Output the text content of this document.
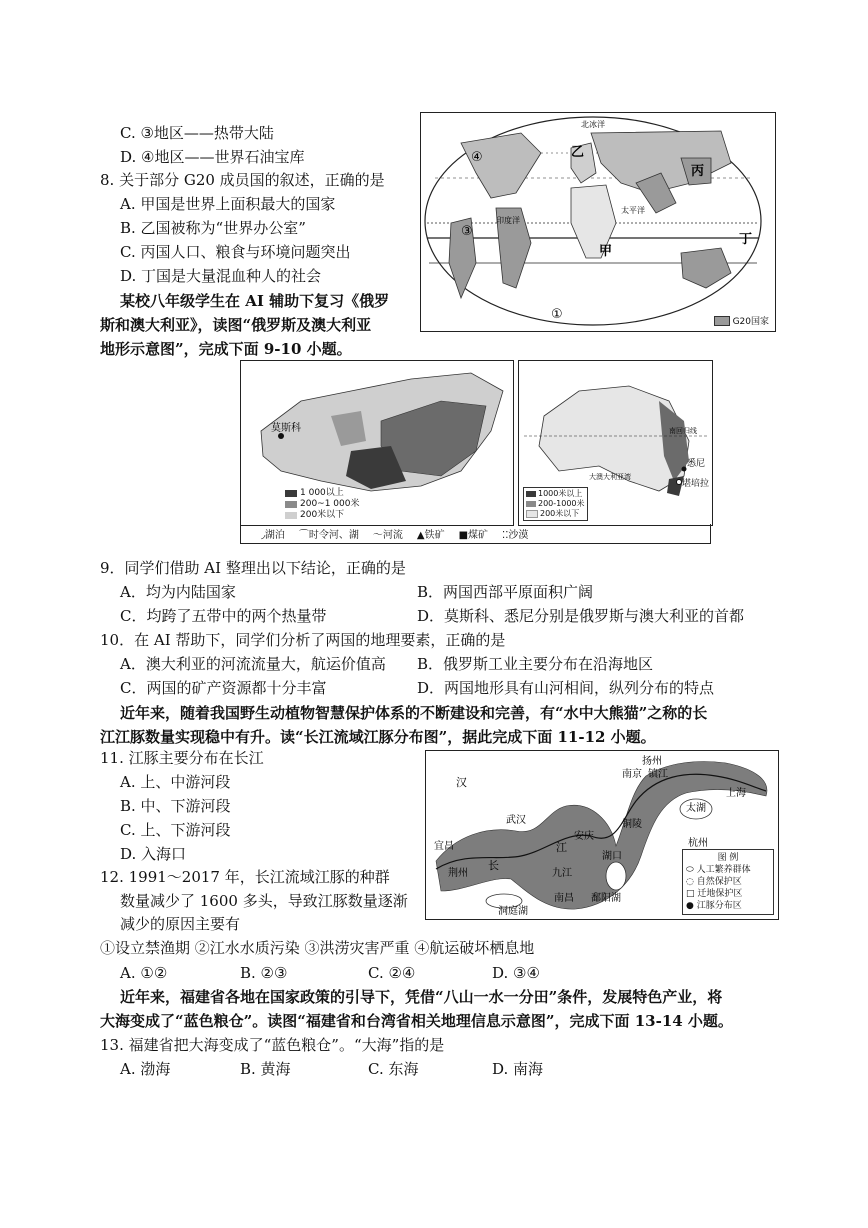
C. ③地区——热带大陆
D. ④地区——世界石油宝库
8. 关于部分 G20 成员国的叙述，正确的是
A. 甲国是世界上面积最大的国家
B. 乙国被称为“世界办公室”
C. 丙国人口、粮食与环境问题突出
D. 丁国是大量混血种人的社会
乙
丙
甲
丁
①
③
④
太平洋
印度洋
北冰洋
G20国家
某校八年级学生在 AI 辅助下复习《俄罗
斯和澳大利亚》，读图“俄罗斯及澳大利亚
地形示意图”，完成下面 9-10 小题。
莫斯科
1 000以上
200~1 000米
200米以下
南回归线
大澳大利亚湾
悉尼
堪培拉
1000米以上
200-1000米
200米以下
◞湖泊 ⌒时令河、湖 ～河流 ▲铁矿 ■煤矿 ⁚⁚沙漠
9．同学们借助 AI 整理出以下结论，正确的是
A．均为内陆国家	B．两国西部平原面积广阔
C．均跨了五带中的两个热量带	D．莫斯科、悉尼分别是俄罗斯与澳大利亚的首都
10．在 AI 帮助下，同学们分析了两国的地理要素，正确的是
A．澳大利亚的河流流量大，航运价值高 B．俄罗斯工业主要分布在沿海地区
C．两国的矿产资源都十分丰富	D．两国地形具有山河相间，纵列分布的特点
近年来，随着我国野生动植物智慧保护体系的不断建设和完善，有“水中大熊猫”之称的长
江江豚数量实现稳中有升。读“长江流域江豚分布图”，据此完成下面 11-12 小题。
11. 江豚主要分布在长江
A. 上、中游河段
B. 中、下游河段
C. 上、下游河段
D. 入海口
扬州
南京 镇江
太湖
上海
杭州
铜陵
安庆
武汉
宜昌
荆州	九江
湖口
南昌 鄱阳湖
洞庭湖
汉
江
长
图 例
⬭ 人工繁养群体
◌ 自然保护区
□ 迁地保护区
● 江豚分布区
12. 1991～2017 年，长江流域江豚的种群
数量减少了 1600 多头，导致江豚数量逐渐
减少的原因主要有
①设立禁渔期 ②江水水质污染 ③洪涝灾害严重 ④航运破坏栖息地
A. ①②	B. ②③	C. ②④	D. ③④
近年来，福建省各地在国家政策的引导下，凭借“八山一水一分田”条件，发展特色产业，将
大海变成了“蓝色粮仓”。读图“福建省和台湾省相关地理信息示意图”，完成下面 13-14 小题。
13. 福建省把大海变成了“蓝色粮仓”。“大海”指的是
A. 渤海	B. 黄海	C. 东海	D. 南海
